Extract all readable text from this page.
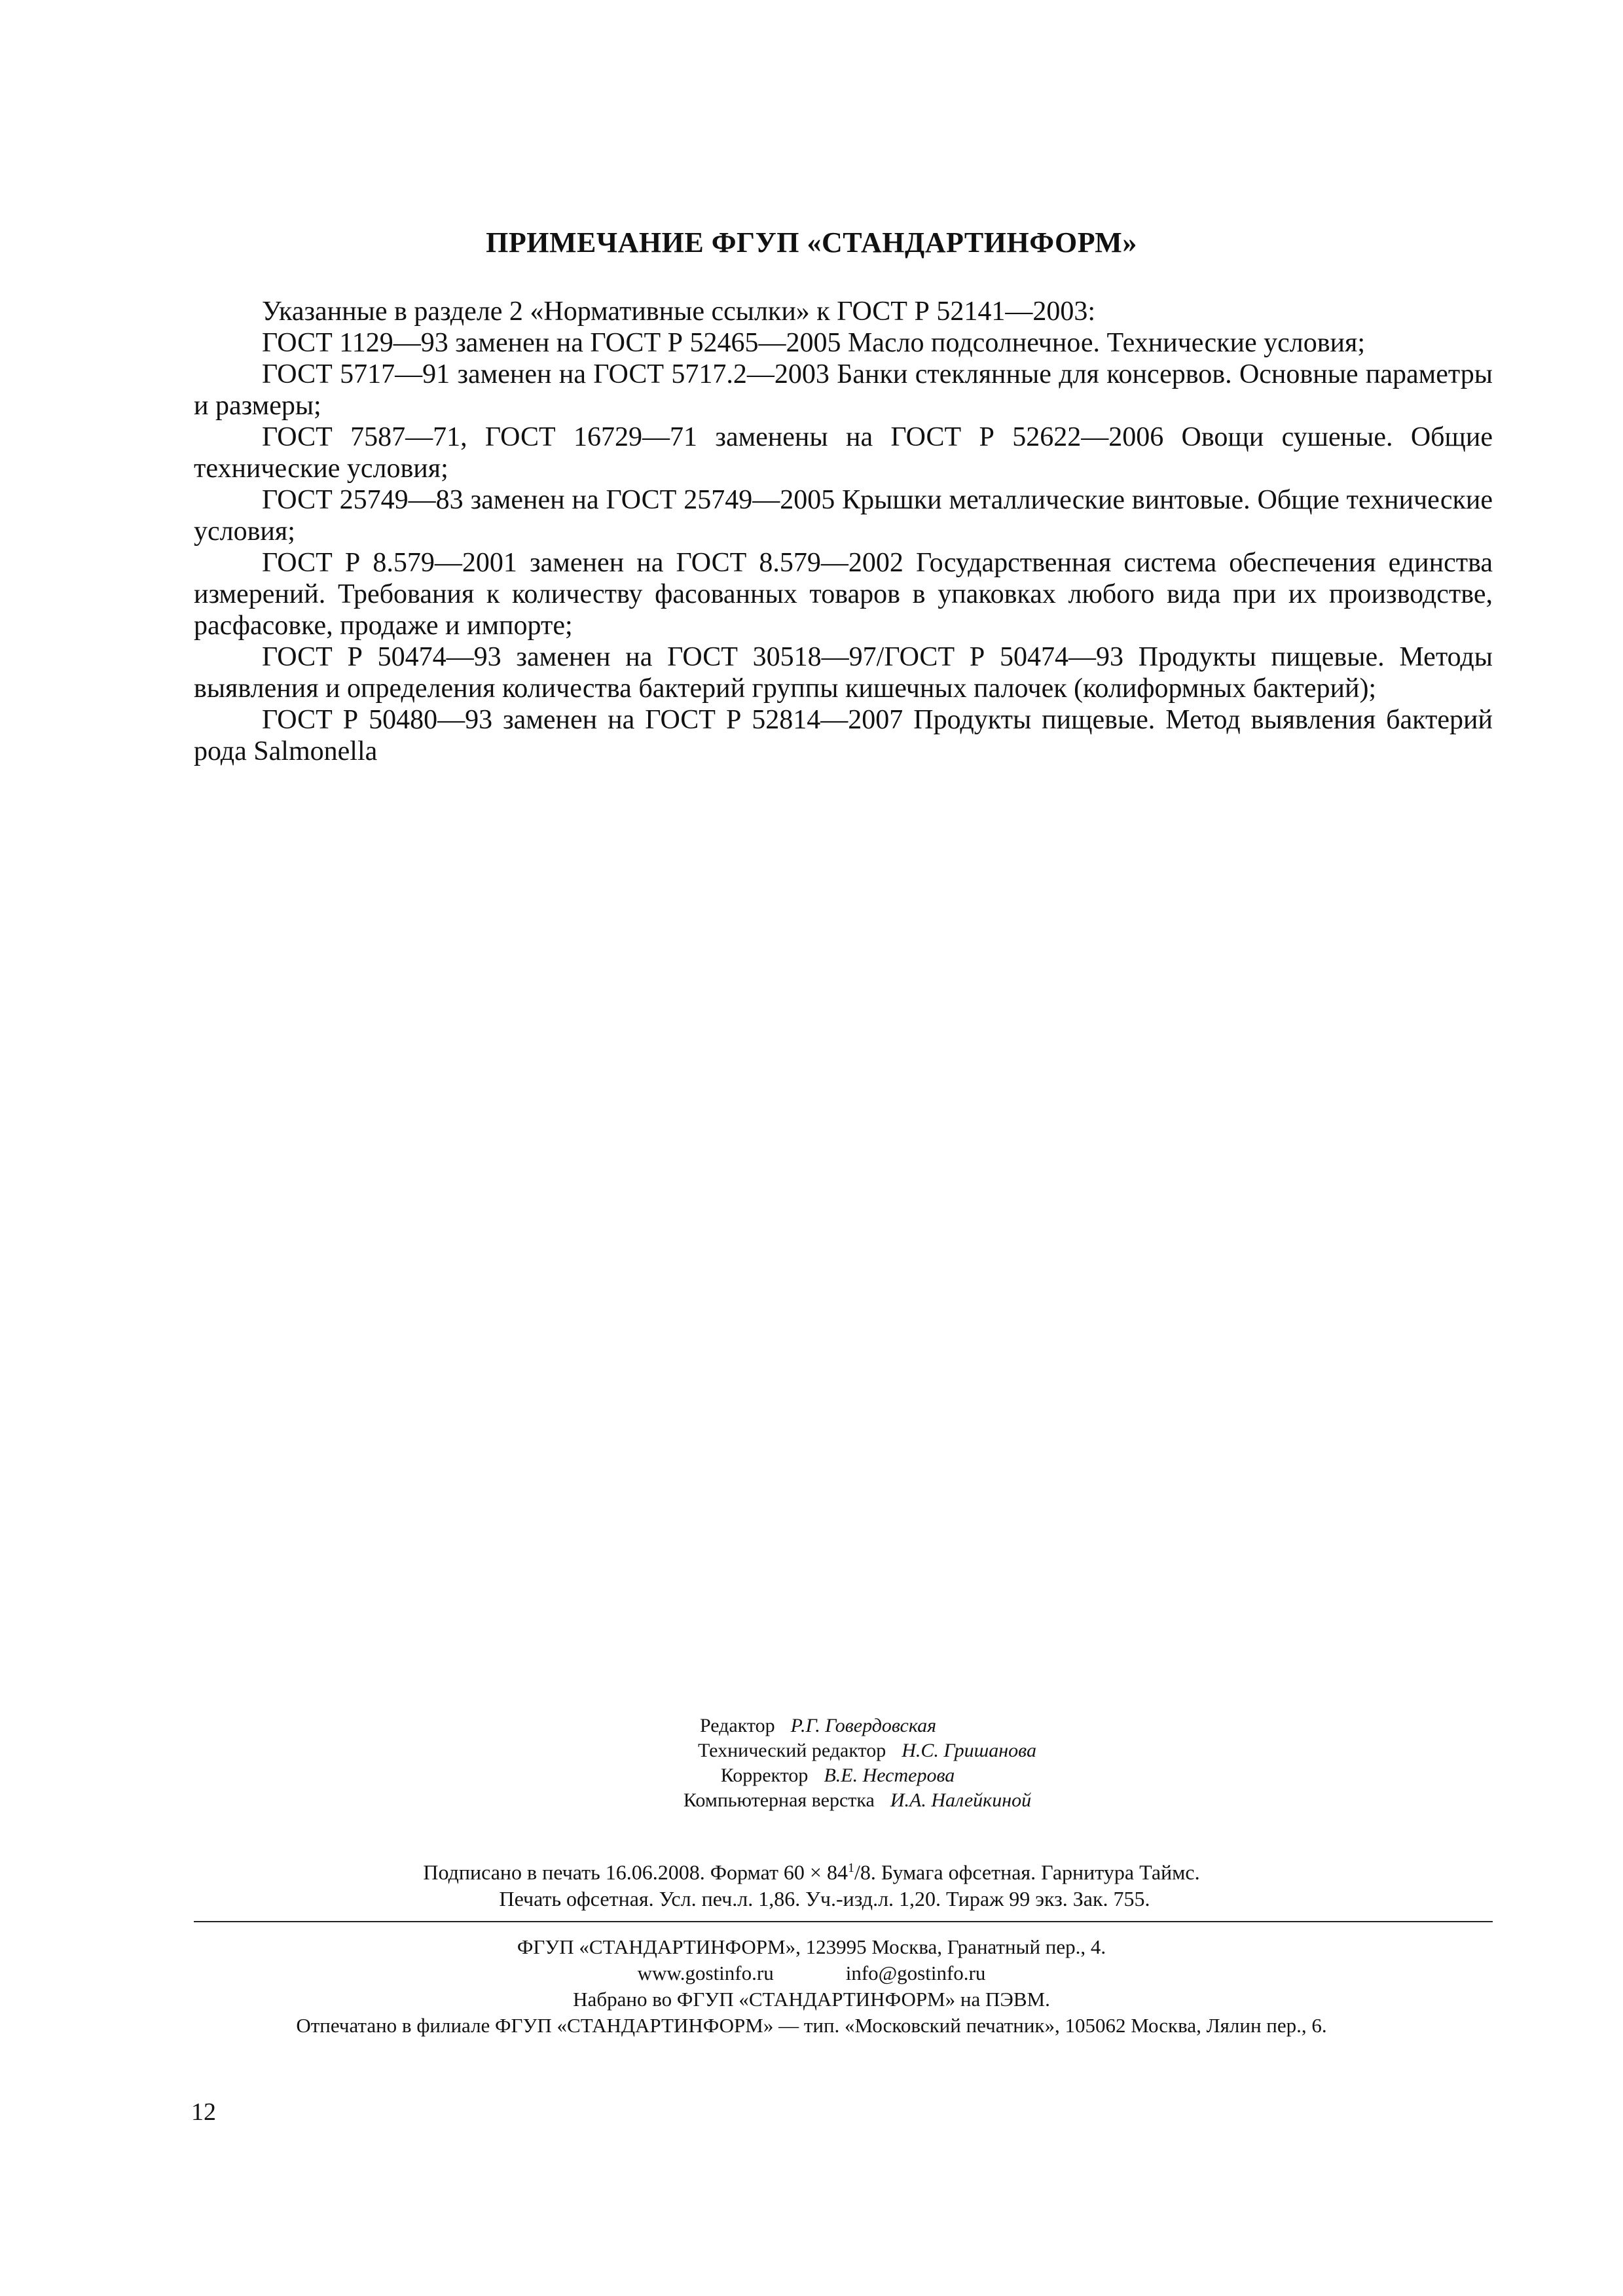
ПРИМЕЧАНИЕ ФГУП «СТАНДАРТИНФОРМ»

Указанные в разделе 2 «Нормативные ссылки» к ГОСТ Р 52141—2003:

ГОСТ 1129—93 заменен на ГОСТ Р 52465—2005 Масло подсолнечное. Технические условия;

ГОСТ 5717—91 заменен на ГОСТ 5717.2—2003 Банки стеклянные для консервов. Основные параметры и размеры;

ГОСТ 7587—71, ГОСТ 16729—71 заменены на ГОСТ Р 52622—2006 Овощи сушеные. Общие технические условия;

ГОСТ 25749—83 заменен на ГОСТ 25749—2005 Крышки металлические винтовые. Общие технические условия;

ГОСТ Р 8.579—2001 заменен на ГОСТ 8.579—2002 Государственная система обеспечения единства измерений. Требования к количеству фасованных товаров в упаковках любого вида при их производстве, расфасовке, продаже и импорте;

ГОСТ Р 50474—93 заменен на ГОСТ 30518—97/ГОСТ Р 50474—93 Продукты пищевые. Методы выявления и определения количества бактерий группы кишечных палочек (колиформных бактерий);

ГОСТ Р 50480—93 заменен на ГОСТ Р 52814—2007 Продукты пищевые. Метод выявления бактерий рода Salmonella

Редактор Р.Г. Говердовская
Технический редактор Н.С. Гришанова
Корректор В.Е. Нестерова
Компьютерная верстка И.А. Налейкиной
Подписано в печать 16.06.2008. Формат $60 \times 84^1/8$. Бумага офсетная. Гарнитура Таймс.
Печать офсетная. Усл. печ.л. 1,86. Уч.-изд.л. 1,20. Тираж 99 экз. Зак. 755.
ФГУП «СТАНДАРТИНФОРМ», 123995 Москва, Гранатный пер., 4.
www.gostinfo.ru	info@gostinfo.ru
Набрано во ФГУП «СТАНДАРТИНФОРМ» на ПЭВМ.
Отпечатано в филиале ФГУП «СТАНДАРТИНФОРМ» — тип. «Московский печатник», 105062 Москва, Лялин пер., 6.
12
